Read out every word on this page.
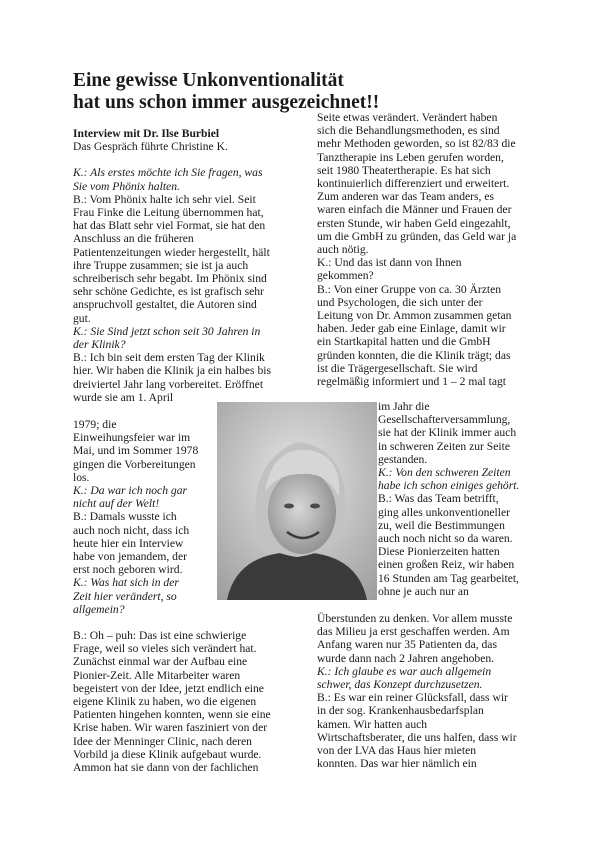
Eine gewisse Unkonventionalität
hat uns schon immer ausgezeichnet!!

Interview mit Dr. Ilse Burbiel

Das Gespräch führte Christine K.

K.: Als erstes möchte ich Sie fragen, was
Sie vom Phönix halten.
B.: Vom Phönix halte ich sehr viel. Seit
Frau Finke die Leitung übernommen hat,
hat das Blatt sehr viel Format, sie hat den
Anschluss an die früheren
Patientenzeitungen wieder hergestellt, hält
ihre Truppe zusammen; sie ist ja auch
schreiberisch sehr begabt. Im Phönix sind
sehr schöne Gedichte, es ist grafisch sehr
anspruchvoll gestaltet, die Autoren sind
gut.
K.: Sie Sind jetzt schon seit 30 Jahren in
der Klinik?
B.: Ich bin seit dem ersten Tag der Klinik
hier. Wir haben die Klinik ja ein halbes bis
dreiviertel Jahr lang vorbereitet. Eröffnet
wurde sie am 1. April
1979; die
Einweihungsfeier war im
Mai, und im Sommer 1978
gingen die Vorbereitungen
los.
K.: Da war ich noch gar
nicht auf der Welt!
B.: Damals wusste ich
auch noch nicht, dass ich
heute hier ein Interview
habe von jemandem, der
erst noch geboren wird.
K.: Was hat sich in der
Zeit hier verändert, so
allgemein?
B.: Oh – puh: Das ist eine schwierige
Frage, weil so vieles sich verändert hat.
Zunächst einmal war der Aufbau eine
Pionier-Zeit. Alle Mitarbeiter waren
begeistert von der Idee, jetzt endlich eine
eigene Klinik zu haben, wo die eigenen
Patienten hingehen konnten, wenn sie eine
Krise haben. Wir waren fasziniert von der
Idee der Menninger Clinic, nach deren
Vorbild ja diese Klinik aufgebaut wurde.
Ammon hat sie dann von der fachlichen
Seite etwas verändert. Verändert haben
sich die Behandlungsmethoden, es sind
mehr Methoden geworden, so ist 82/83 die
Tanztherapie ins Leben gerufen worden,
seit 1980 Theatertherapie. Es hat sich
kontinuierlich differenziert und erweitert.
Zum anderen war das Team anders, es
waren einfach die Männer und Frauen der
ersten Stunde, wir haben Geld eingezahlt,
um die GmbH zu gründen, das Geld war ja
auch nötig.
K.: Und das ist dann von Ihnen
gekommen?
B.: Von einer Gruppe von ca. 30 Ärzten
und Psychologen, die sich unter der
Leitung von Dr. Ammon zusammen getan
haben. Jeder gab eine Einlage, damit wir
ein Startkapital hatten und die GmbH
gründen konnten, die die Klinik trägt; das
ist die Trägergesellschaft. Sie wird
regelmäßig informiert und 1 – 2 mal tagt
im Jahr die
Gesellschafterversammlung,
sie hat der Klinik immer auch
in schweren Zeiten zur Seite
gestanden.
K.: Von den schweren Zeiten
habe ich schon einiges gehört.
B.: Was das Team betrifft,
ging alles unkonventioneller
zu, weil die Bestimmungen
auch noch nicht so da waren.
Diese Pionierzeiten hatten
einen großen Reiz, wir haben
16 Stunden am Tag gearbeitet,
ohne je auch nur an
Überstunden zu denken. Vor allem musste
das Milieu ja erst geschaffen werden. Am
Anfang waren nur 35 Patienten da, das
wurde dann nach 2 Jahren angehoben.
K.: Ich glaube es war auch allgemein
schwer, das Konzept durchzusetzen.
B.: Es war ein reiner Glücksfall, dass wir
in der sog. Krankenhausbedarfsplan
kamen. Wir hatten auch
Wirtschaftsberater, die uns halfen, dass wir
von der LVA das Haus hier mieten
konnten. Das war hier nämlich ein
